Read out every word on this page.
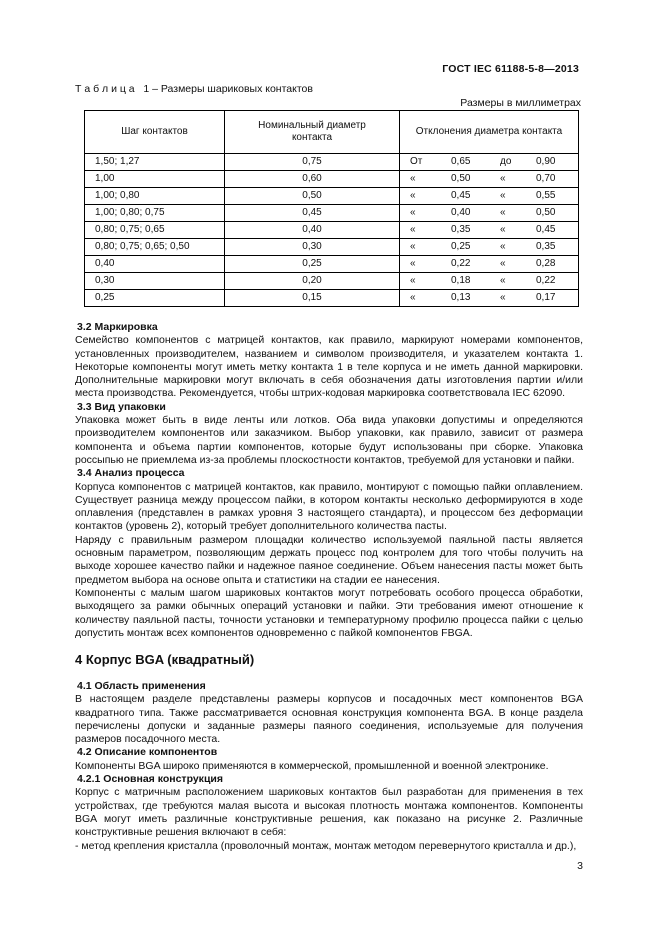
ГОСТ IEC 61188-5-8—2013
Т а б л и ц а   1 – Размеры шариковых контактов
Размеры в миллиметрах
Шаг контактов	Номинальный диаметр контакта	Отклонения диаметра контакта
1,50; 1,27	0,75	От 0,65 до 0,90

1,00	0,60	« 0,50 « 0,70

1,00; 0,80	0,50	« 0,45 « 0,55

1,00; 0,80; 0,75	0,45	« 0,40 « 0,50

0,80; 0,75; 0,65	0,40	« 0,35 « 0,45

0,80; 0,75; 0,65; 0,50	0,30	« 0,25 « 0,35

0,40	0,25	« 0,22 « 0,28

0,30	0,20	« 0,18 « 0,22

0,25	0,15	« 0,13 « 0,17
3.2 Маркировка

Семейство компонентов с матрицей контактов, как правило, маркируют номерами компонентов, установленных производителем, названием и символом производителя, и указателем контакта 1. Некоторые компоненты могут иметь метку контакта 1 в теле корпуса и не иметь данной маркировки. Дополнительные маркировки могут включать в себя обозначения даты изготовления партии и/или места производства. Рекомендуется, чтобы штрих-кодовая маркировка соответствовала IEC 62090.

3.3 Вид упаковки

Упаковка может быть в виде ленты или лотков. Оба вида упаковки допустимы и определяются производителем компонентов или заказчиком. Выбор упаковки, как правило, зависит от размера компонента и объема партии компонентов, которые будут использованы при сборке. Упаковка россыпью не приемлема из-за проблемы плоскостности контактов, требуемой для установки и пайки.

3.4 Анализ процесса

Корпуса компонентов с матрицей контактов, как правило, монтируют с помощью пайки оплавлением. Существует разница между процессом пайки, в котором контакты несколько деформируются в ходе оплавления (представлен в рамках уровня 3 настоящего стандарта), и процессом без деформации контактов (уровень 2), который требует дополнительного количества пасты.

Наряду с правильным размером площадки количество используемой паяльной пасты является основным параметром, позволяющим держать процесс под контролем для того чтобы получить на выходе хорошее качество пайки и надежное паяное соединение. Объем нанесения пасты может быть предметом выбора на основе опыта и статистики на стадии ее нанесения.

Компоненты с малым шагом шариковых контактов могут потребовать особого процесса обработки, выходящего за рамки обычных операций установки и пайки. Эти требования имеют отношение к количеству паяльной пасты, точности установки и температурному профилю процесса пайки с целью допустить монтаж всех компонентов одновременно с пайкой компонентов FBGA.

4 Корпус BGA (квадратный)
4.1 Область применения

В настоящем разделе представлены размеры корпусов и посадочных мест компонентов BGA квадратного типа. Также рассматривается основная конструкция компонента BGA. В конце раздела перечислены допуски и заданные размеры паяного соединения, используемые для получения размеров посадочного места.

4.2 Описание компонентов

Компоненты BGA широко применяются в коммерческой, промышленной и военной электронике.

4.2.1 Основная конструкция

Корпус с матричным расположением шариковых контактов был разработан для применения в тех устройствах, где требуются малая высота и высокая плотность монтажа компонентов. Компоненты BGA могут иметь различные конструктивные решения, как показано на рисунке 2. Различные конструктивные решения включают в себя:

- метод крепления кристалла (проволочный монтаж, монтаж методом перевернутого кристалла и др.),

3
